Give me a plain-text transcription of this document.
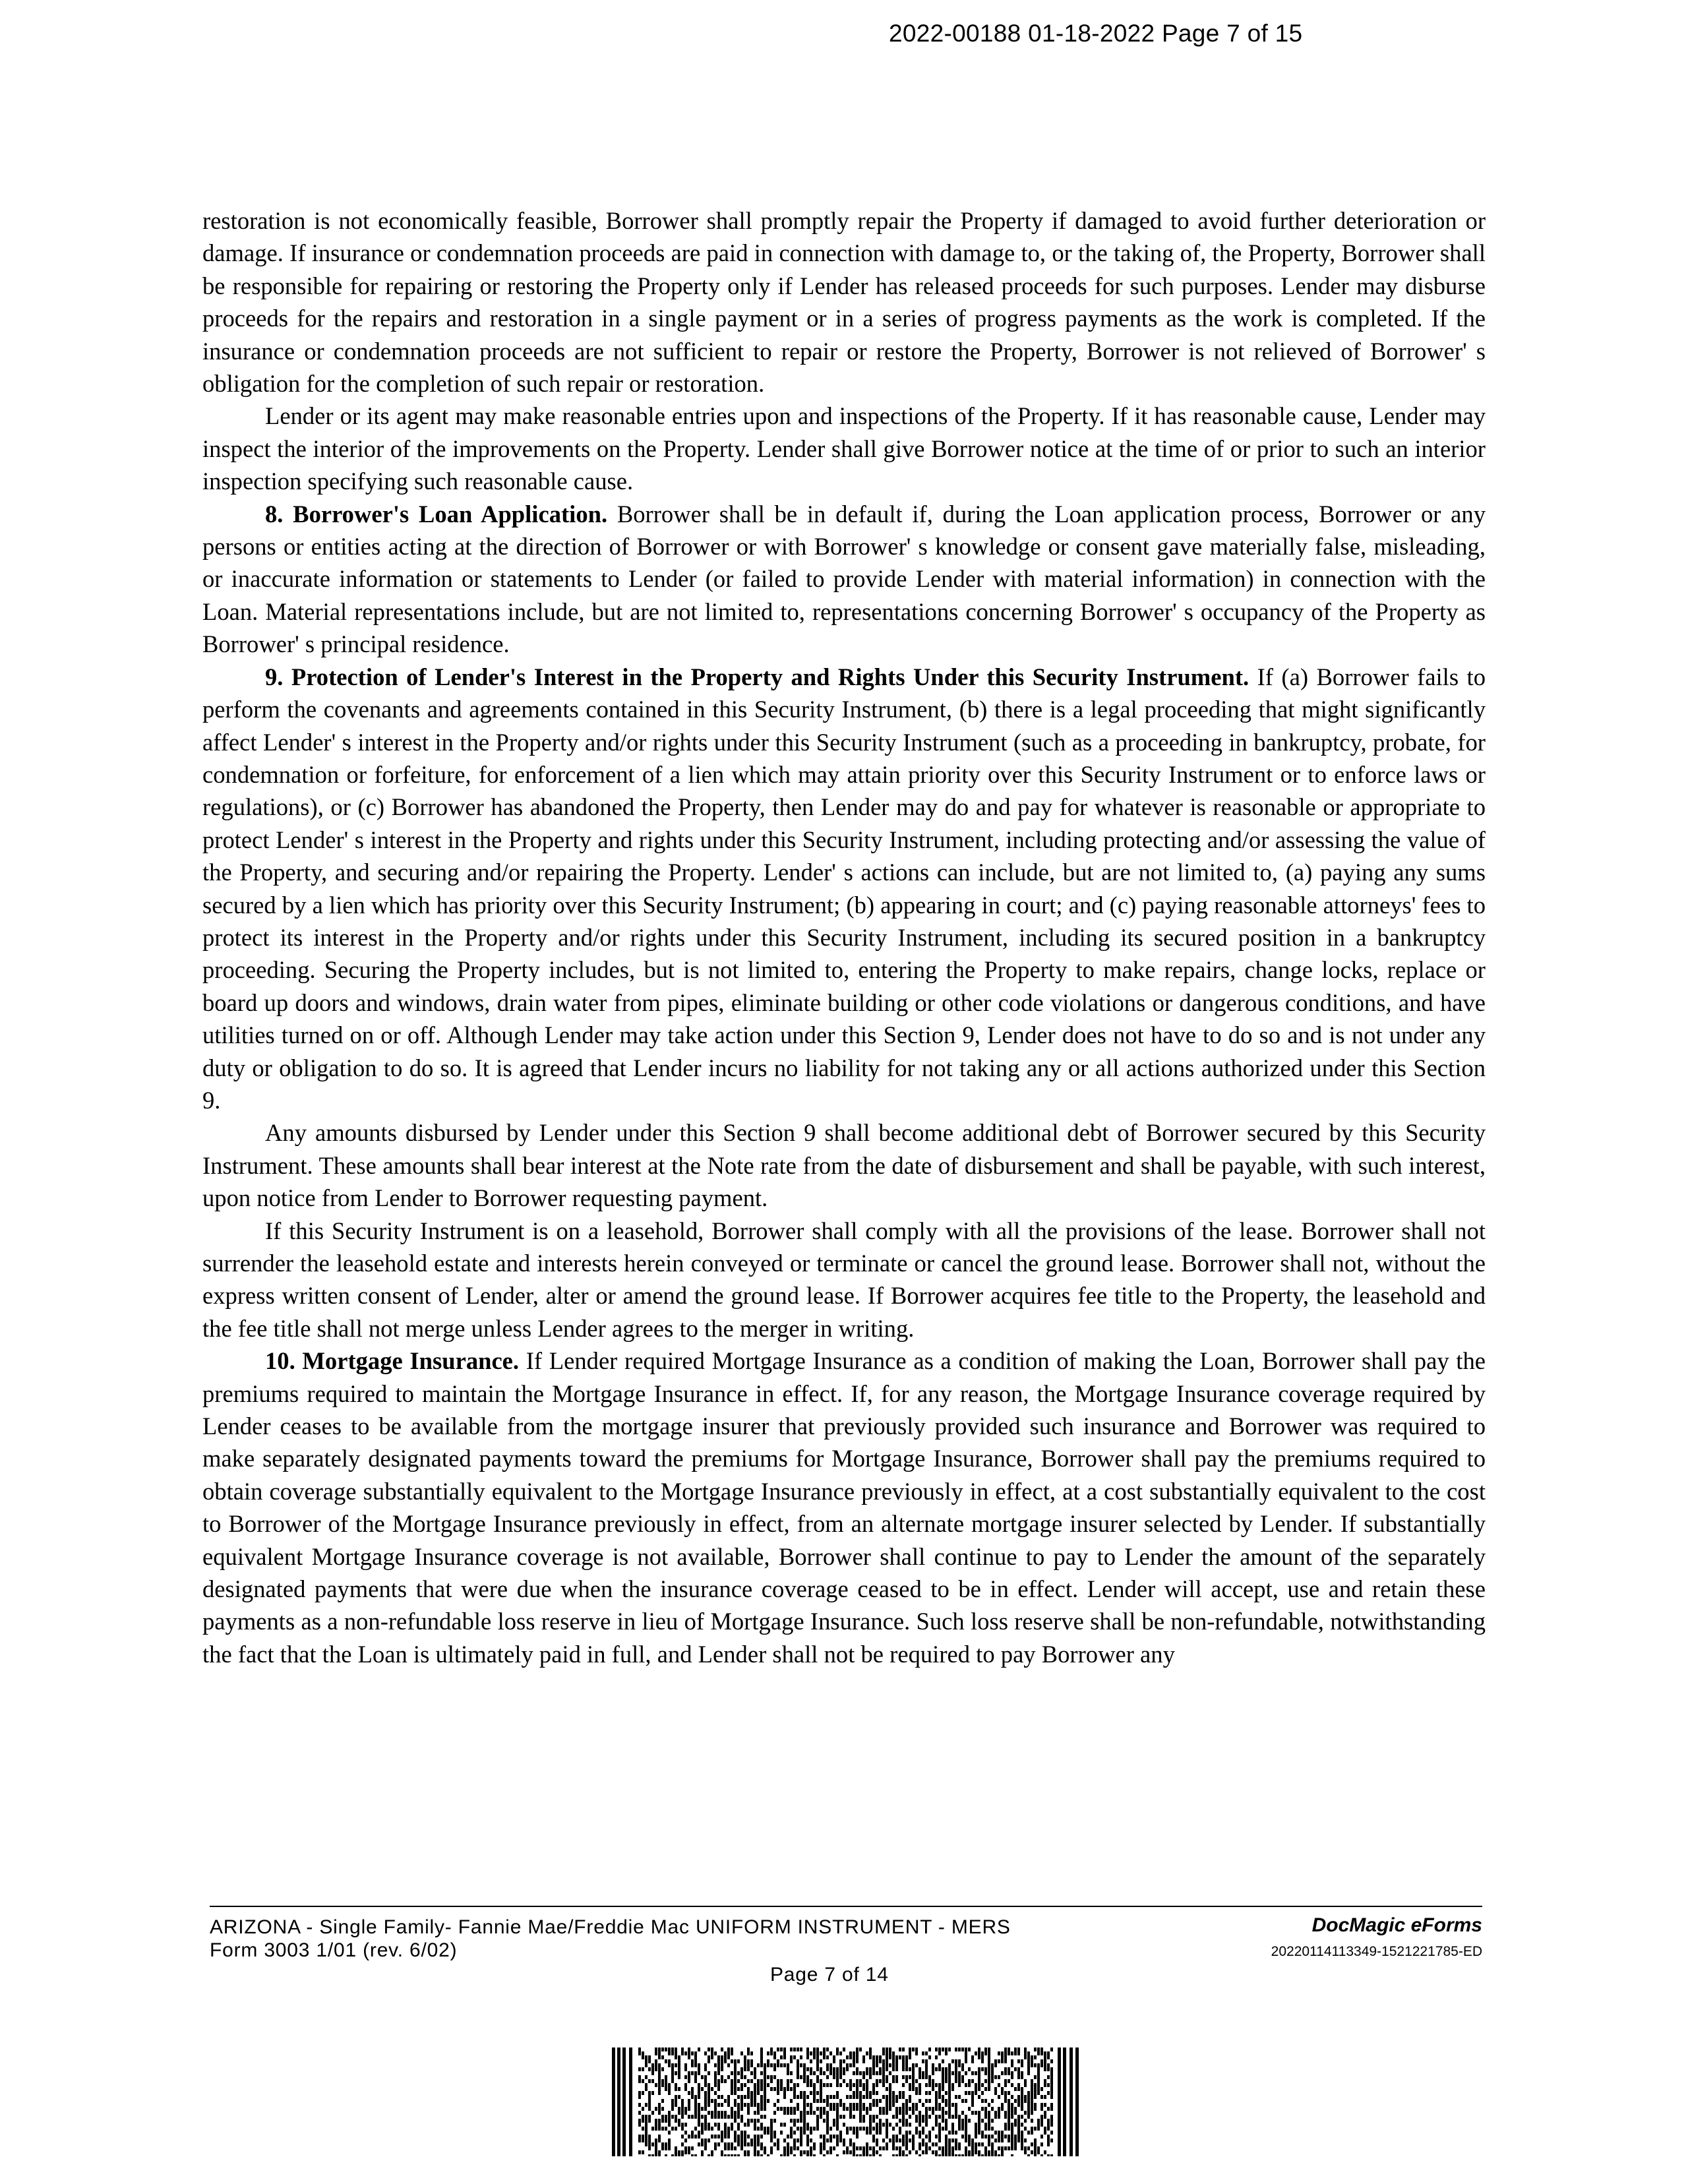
2022-00188 01-18-2022 Page 7 of 15

restoration is not economically feasible, Borrower shall promptly repair the Property if damaged to avoid further deterioration or damage. If insurance or condemnation proceeds are paid in connection with damage to, or the taking of, the Property, Borrower shall be responsible for repairing or restoring the Property only if Lender has released proceeds for such purposes. Lender may disburse proceeds for the repairs and restoration in a single payment or in a series of progress payments as the work is completed. If the insurance or condemnation proceeds are not sufficient to repair or restore the Property, Borrower is not relieved of Borrower' s obligation for the completion of such repair or restoration.

Lender or its agent may make reasonable entries upon and inspections of the Property. If it has reasonable cause, Lender may inspect the interior of the improvements on the Property. Lender shall give Borrower notice at the time of or prior to such an interior inspection specifying such reasonable cause.

8. Borrower's Loan Application. Borrower shall be in default if, during the Loan application process, Borrower or any persons or entities acting at the direction of Borrower or with Borrower' s knowledge or consent gave materially false, misleading, or inaccurate information or statements to Lender (or failed to provide Lender with material information) in connection with the Loan. Material representations include, but are not limited to, representations concerning Borrower' s occupancy of the Property as Borrower' s principal residence.

9. Protection of Lender's Interest in the Property and Rights Under this Security Instrument. If (a) Borrower fails to perform the covenants and agreements contained in this Security Instrument, (b) there is a legal proceeding that might significantly affect Lender' s interest in the Property and/or rights under this Security Instrument (such as a proceeding in bankruptcy, probate, for condemnation or forfeiture, for enforcement of a lien which may attain priority over this Security Instrument or to enforce laws or regulations), or (c) Borrower has abandoned the Property, then Lender may do and pay for whatever is reasonable or appropriate to protect Lender' s interest in the Property and rights under this Security Instrument, including protecting and/or assessing the value of the Property, and securing and/or repairing the Property. Lender' s actions can include, but are not limited to, (a) paying any sums secured by a lien which has priority over this Security Instrument; (b) appearing in court; and (c) paying reasonable attorneys' fees to protect its interest in the Property and/or rights under this Security Instrument, including its secured position in a bankruptcy proceeding. Securing the Property includes, but is not limited to, entering the Property to make repairs, change locks, replace or board up doors and windows, drain water from pipes, eliminate building or other code violations or dangerous conditions, and have utilities turned on or off. Although Lender may take action under this Section 9, Lender does not have to do so and is not under any duty or obligation to do so. It is agreed that Lender incurs no liability for not taking any or all actions authorized under this Section 9.

Any amounts disbursed by Lender under this Section 9 shall become additional debt of Borrower secured by this Security Instrument. These amounts shall bear interest at the Note rate from the date of disbursement and shall be payable, with such interest, upon notice from Lender to Borrower requesting payment.

If this Security Instrument is on a leasehold, Borrower shall comply with all the provisions of the lease. Borrower shall not surrender the leasehold estate and interests herein conveyed or terminate or cancel the ground lease. Borrower shall not, without the express written consent of Lender, alter or amend the ground lease. If Borrower acquires fee title to the Property, the leasehold and the fee title shall not merge unless Lender agrees to the merger in writing.

10. Mortgage Insurance. If Lender required Mortgage Insurance as a condition of making the Loan, Borrower shall pay the premiums required to maintain the Mortgage Insurance in effect. If, for any reason, the Mortgage Insurance coverage required by Lender ceases to be available from the mortgage insurer that previously provided such insurance and Borrower was required to make separately designated payments toward the premiums for Mortgage Insurance, Borrower shall pay the premiums required to obtain coverage substantially equivalent to the Mortgage Insurance previously in effect, at a cost substantially equivalent to the cost to Borrower of the Mortgage Insurance previously in effect, from an alternate mortgage insurer selected by Lender. If substantially equivalent Mortgage Insurance coverage is not available, Borrower shall continue to pay to Lender the amount of the separately designated payments that were due when the insurance coverage ceased to be in effect. Lender will accept, use and retain these payments as a non-refundable loss reserve in lieu of Mortgage Insurance. Such loss reserve shall be non-refundable, notwithstanding the fact that the Loan is ultimately paid in full, and Lender shall not be required to pay Borrower any

ARIZONA - Single Family- Fannie Mae/Freddie Mac UNIFORM INSTRUMENT - MERS
Form 3003 1/01 (rev. 6/02)
Page 7 of 14
DocMagic eForms
20220114113349-1521221785-ED
